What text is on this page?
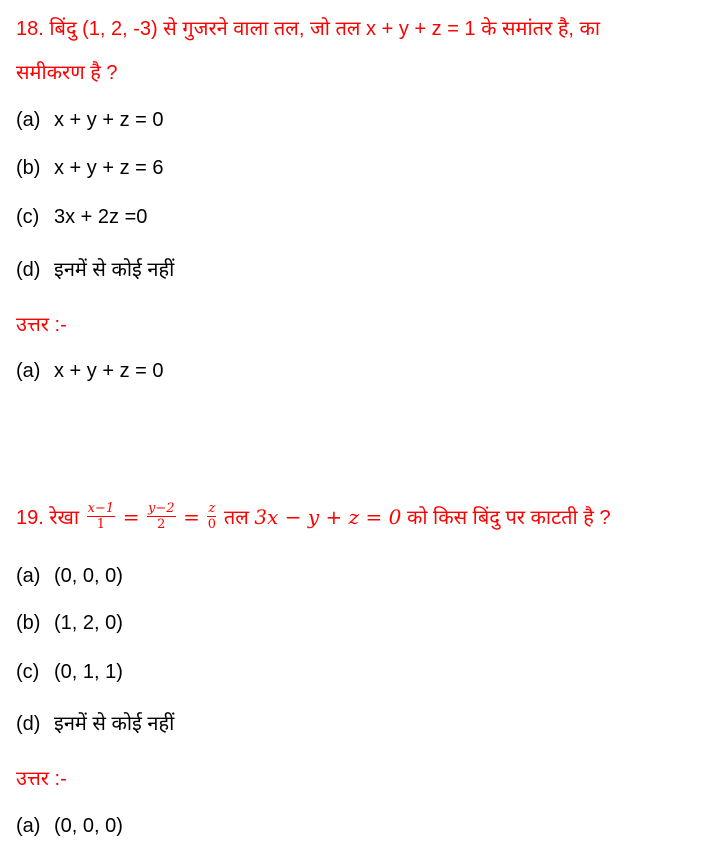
18. बिंदु (1, 2, -3) से गुजरने वाला तल, जो तल x + y + z = 1 के समांतर है, का
समीकरण है ?
(a) x + y + z = 0
(b) x + y + z = 6
(c) 3x + 2z =0
(d) इनमें से कोई नहीं
उत्तर :-
(a) x + y + z = 0
19. रेखा $\frac{x-1}{1} = \frac{y-2}{2} = \frac{z}{0}$ तल 3x − y + z = 0 को किस बिंदु पर काटती है ?
(a) (0, 0, 0)
(b) (1, 2, 0)
(c) (0, 1, 1)
(d) इनमें से कोई नहीं
उत्तर :-
(a) (0, 0, 0)
